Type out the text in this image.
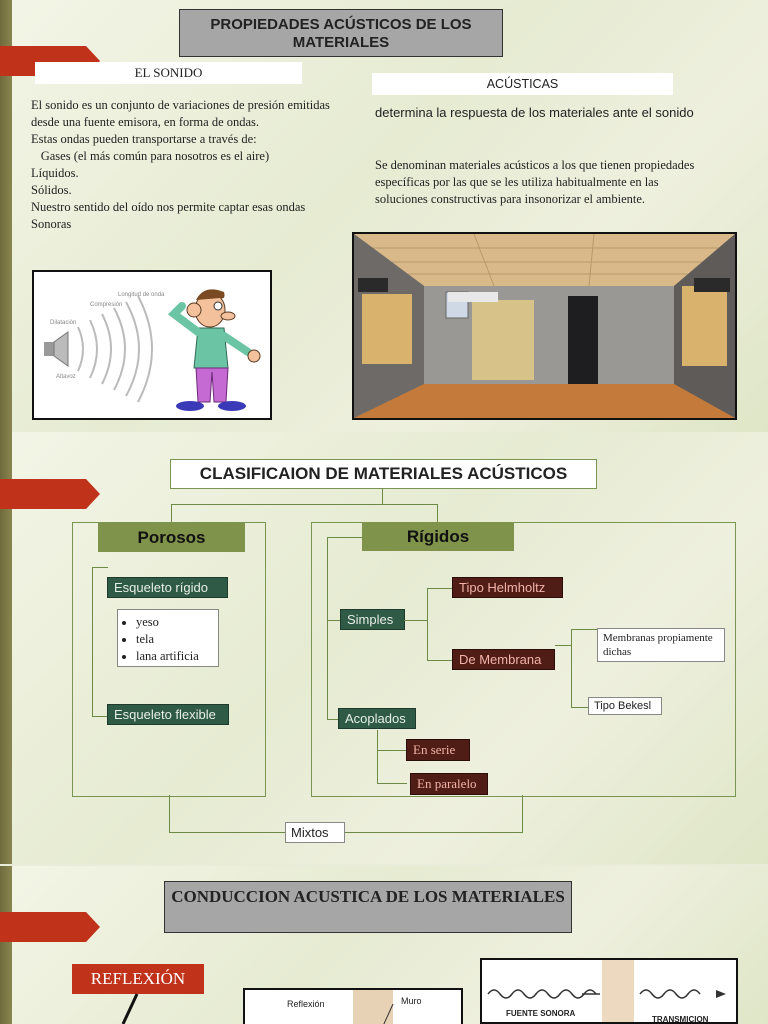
PROPIEDADES ACÚSTICOS DE LOS MATERIALES
EL SONIDO
ACÚSTICAS
El sonido es un conjunto de variaciones de presión emitidas desde una fuente emisora, en forma de ondas.
Estas ondas pueden transportarse a través de:
Gases (el más común para nosotros es el aire)
Líquidos.
Sólidos.
Nuestro sentido del oído nos permite captar esas ondas Sonoras
determina la respuesta de los materiales ante el sonido
Se denominan materiales acústicos a los que tienen propiedades específicas por las que se les utiliza habitualmente en las soluciones constructivas para insonorizar el ambiente.
Dilatación
Compresión
Longitud de onda
Altavoz
CLASIFICAION DE MATERIALES ACÚSTICOS
Porosos
Esqueleto rígido
• yeso
• tela
• lana artificia
Esqueleto flexible
Rígidos
Simples
Tipo Helmholtz
De Membrana
Membranas propiamente dichas
Tipo Bekesl
Acoplados
En serie
En paralelo
Mixtos
CONDUCCION ACUSTICA DE LOS MATERIALES
REFLEXIÓN
Reflexión	Muro
FUENTE SONORA
TRANSMICION
